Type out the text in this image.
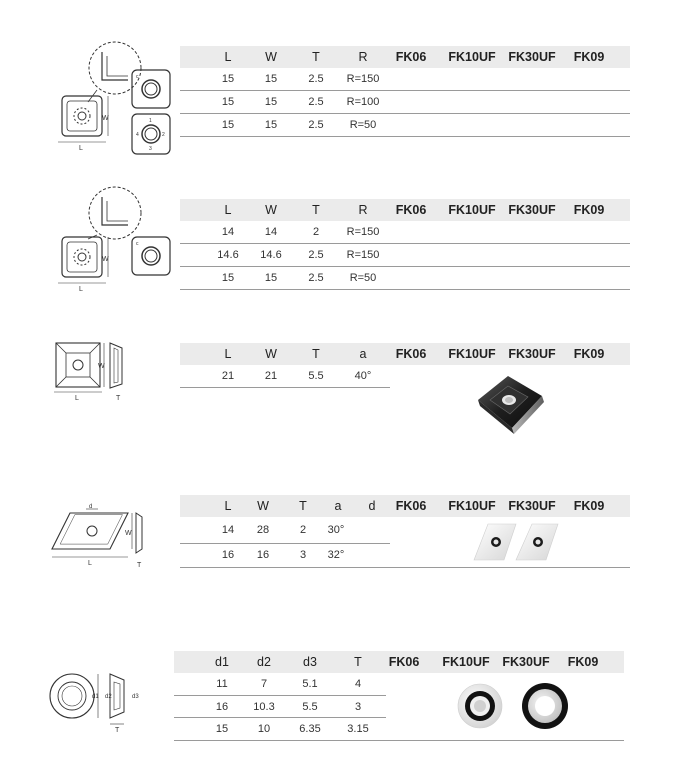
L
W
c
1
2
3
4
L	W	T	R	FK06	FK10UF	FK30UF	FK09
15	15	2.5	R=150
15	15	2.5	R=100
15	15	2.5	R=50
L
W
c
L	W	T	R	FK06	FK10UF	FK30UF	FK09
14	14	2	R=150
14.6	14.6	2.5	R=150
15	15	2.5	R=50
L
W
T
L	W	T	a	FK06	FK10UF	FK30UF	FK09
21	21	5.5	40°
d
L
W
T
L	W	T	a	d	FK06	FK10UF	FK30UF	FK09
14	28	2	30°
16	16	3	32°
d1 d2	d3
T
d1	d2	d3	T	FK06	FK10UF	FK30UF	FK09
11	7	5.1	4
16	10.3	5.5	3
15	10	6.35	3.15
